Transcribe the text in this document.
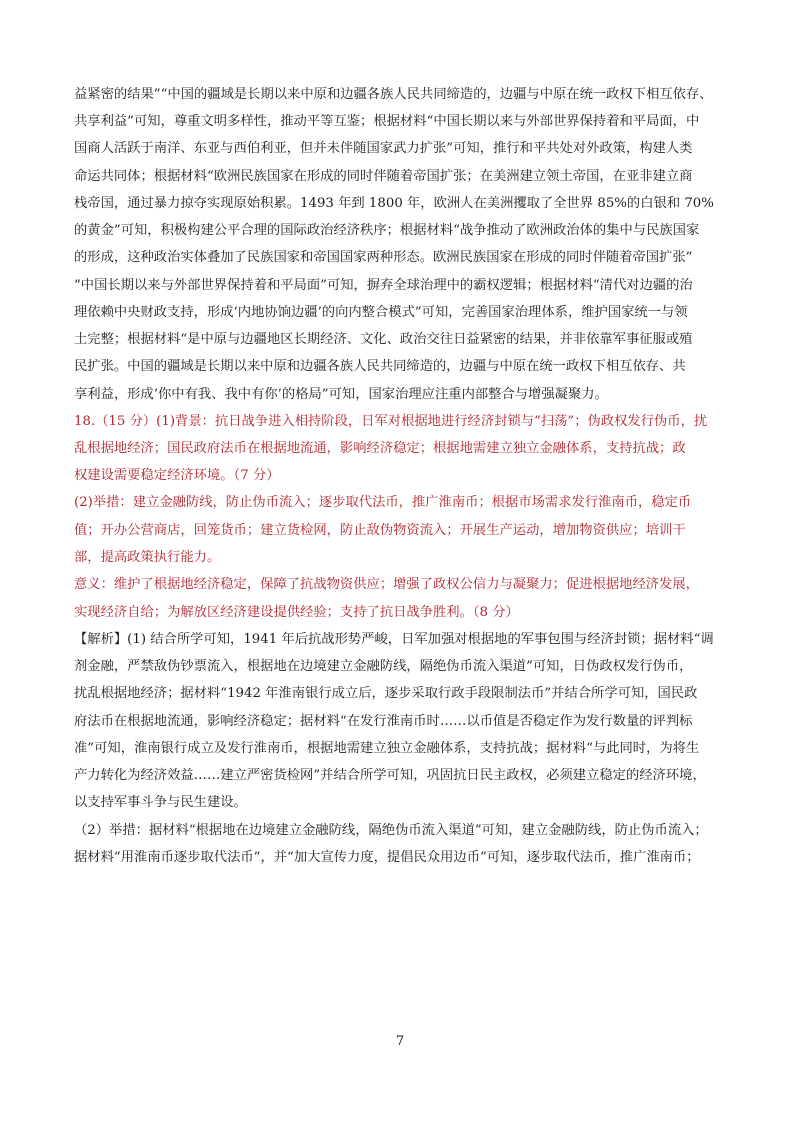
益紧密的结果”“中国的疆域是长期以来中原和边疆各族人民共同缔造的，边疆与中原在统一政权下相互依存、
共享利益”可知，尊重文明多样性，推动平等互鉴；根据材料“中国长期以来与外部世界保持着和平局面，中
国商人活跃于南洋、东亚与西伯利亚，但并未伴随国家武力扩张”可知，推行和平共处对外政策，构建人类
命运共同体；根据材料“欧洲民族国家在形成的同时伴随着帝国扩张；在美洲建立领土帝国，在亚非建立商
栈帝国，通过暴力掠夺实现原始积累。1493 年到 1800 年，欧洲人在美洲攫取了全世界 85%的白银和 70%
的黄金”可知，积极构建公平合理的国际政治经济秩序；根据材料“战争推动了欧洲政治体的集中与民族国家
的形成，这种政治实体叠加了民族国家和帝国国家两种形态。欧洲民族国家在形成的同时伴随着帝国扩张”
“中国长期以来与外部世界保持着和平局面”可知，摒弃全球治理中的霸权逻辑；根据材料“清代对边疆的治
理依赖中央财政支持，形成‘内地协饷边疆’的向内整合模式”可知，完善国家治理体系，维护国家统一与领
土完整；根据材料“是中原与边疆地区长期经济、文化、政治交往日益紧密的结果，并非依靠军事征服或殖
民扩张。中国的疆域是长期以来中原和边疆各族人民共同缔造的，边疆与中原在统一政权下相互依存、共
享利益，形成‘你中有我、我中有你’的格局”可知，国家治理应注重内部整合与增强凝聚力。
18.（15 分）(1)背景：抗日战争进入相持阶段，日军对根据地进行经济封锁与“扫荡”；伪政权发行伪币，扰
乱根据地经济；国民政府法币在根据地流通，影响经济稳定；根据地需建立独立金融体系，支持抗战；政
权建设需要稳定经济环境。（7 分）
(2)举措：建立金融防线，防止伪币流入；逐步取代法币，推广淮南币；根据市场需求发行淮南币，稳定币
值；开办公营商店，回笼货币；建立货检网，防止敌伪物资流入；开展生产运动，增加物资供应；培训干
部，提高政策执行能力。
意义：维护了根据地经济稳定，保障了抗战物资供应；增强了政权公信力与凝聚力；促进根据地经济发展，
实现经济自给；为解放区经济建设提供经验；支持了抗日战争胜利。（8 分）
【解析】(1) 结合所学可知，1941 年后抗战形势严峻，日军加强对根据地的军事包围与经济封锁；据材料“调
剂金融，严禁敌伪钞票流入，根据地在边境建立金融防线，隔绝伪币流入渠道”可知，日伪政权发行伪币，
扰乱根据地经济；据材料“1942 年淮南银行成立后，逐步采取行政手段限制法币”并结合所学可知，国民政
府法币在根据地流通，影响经济稳定；据材料“在发行淮南币时……以币值是否稳定作为发行数量的评判标
准”可知，淮南银行成立及发行淮南币，根据地需建立独立金融体系，支持抗战；据材料“与此同时，为将生
产力转化为经济效益……建立严密货检网”并结合所学可知，巩固抗日民主政权，必须建立稳定的经济环境，
以支持军事斗争与民生建设。
（2）举措：据材料“根据地在边境建立金融防线，隔绝伪币流入渠道”可知，建立金融防线，防止伪币流入；
据材料“用淮南币逐步取代法币”，并“加大宣传力度，提倡民众用边币”可知，逐步取代法币，推广淮南币；
7
